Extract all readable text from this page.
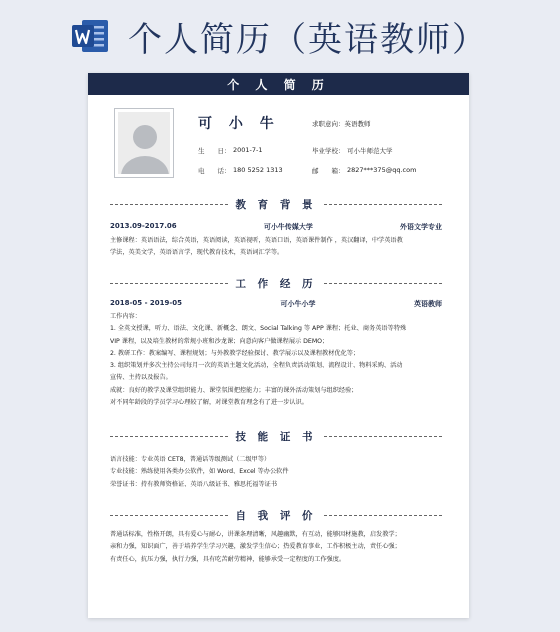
个人简历（英语教师）
个 人 简 历
可 小 牛	求职意向：英语教师
生　　日： 2001-7-1	毕业学校： 可小牛师范大学
电　　话： 180 5252 1313	邮　　箱： 2827***375@qq.com
教 育 背 景
2013.09-2017.06	可小牛传媒大学	外语文学专业
主修课程：英语语法，综合英语，英语阅读，英语视听，英语口语，英语课件制作 ，英汉翻译，中学英语教
学法，英美文学，英语语言学，现代教育技术，英语词汇学等。
工 作 经 历
2018-05 - 2019-05	可小牛小学	英语教师
工作内容：
1. 全英文授课，听力、语法、文化课、新概念、朗文、Social Talking 等 APP 课程；托业、商务英语等特殊
VIP 课程，以及培生教材的常规小班和沙龙课；向意向客户做课程展示 DEMO；
2. 教研工作：教案编写、课程规划；与外教教学经验探讨、教学展示以及课程教材优化等；
3. 组织策划并多次主持公司每月一次的英语主题文化活动，全程负责活动策划、流程设计、物料采购、活动
宣传、主持以及报告。
成就：良好的教学及课堂组织能力、课堂氛围把控能力；丰富的课外活动策划与组织经验；
对不同年龄段的学员学习心理较了解，对课堂教育理念有了进一步认识。
技 能 证 书
语言技能：专业英语 CET8，普通话等级测试（二级甲等）
专业技能：熟练使用各类办公软件，如 Word、Excel 等办公软件
荣誉证书：持有教师资格证、英语八级证书、雅思托福等证书
自 我 评 价
普通话标准，性格开朗，具有爱心与耐心，讲课条理清晰，风趣幽默，有互动，能够因材施教，启发教学；
亲和力强，知识面广，善于培养学生学习兴趣，激发学生信心；热爱教育事业，工作积极主动，责任心强；
有责任心，抗压力强，执行力强，具有吃苦耐劳精神，能够承受一定程度的工作强度。
